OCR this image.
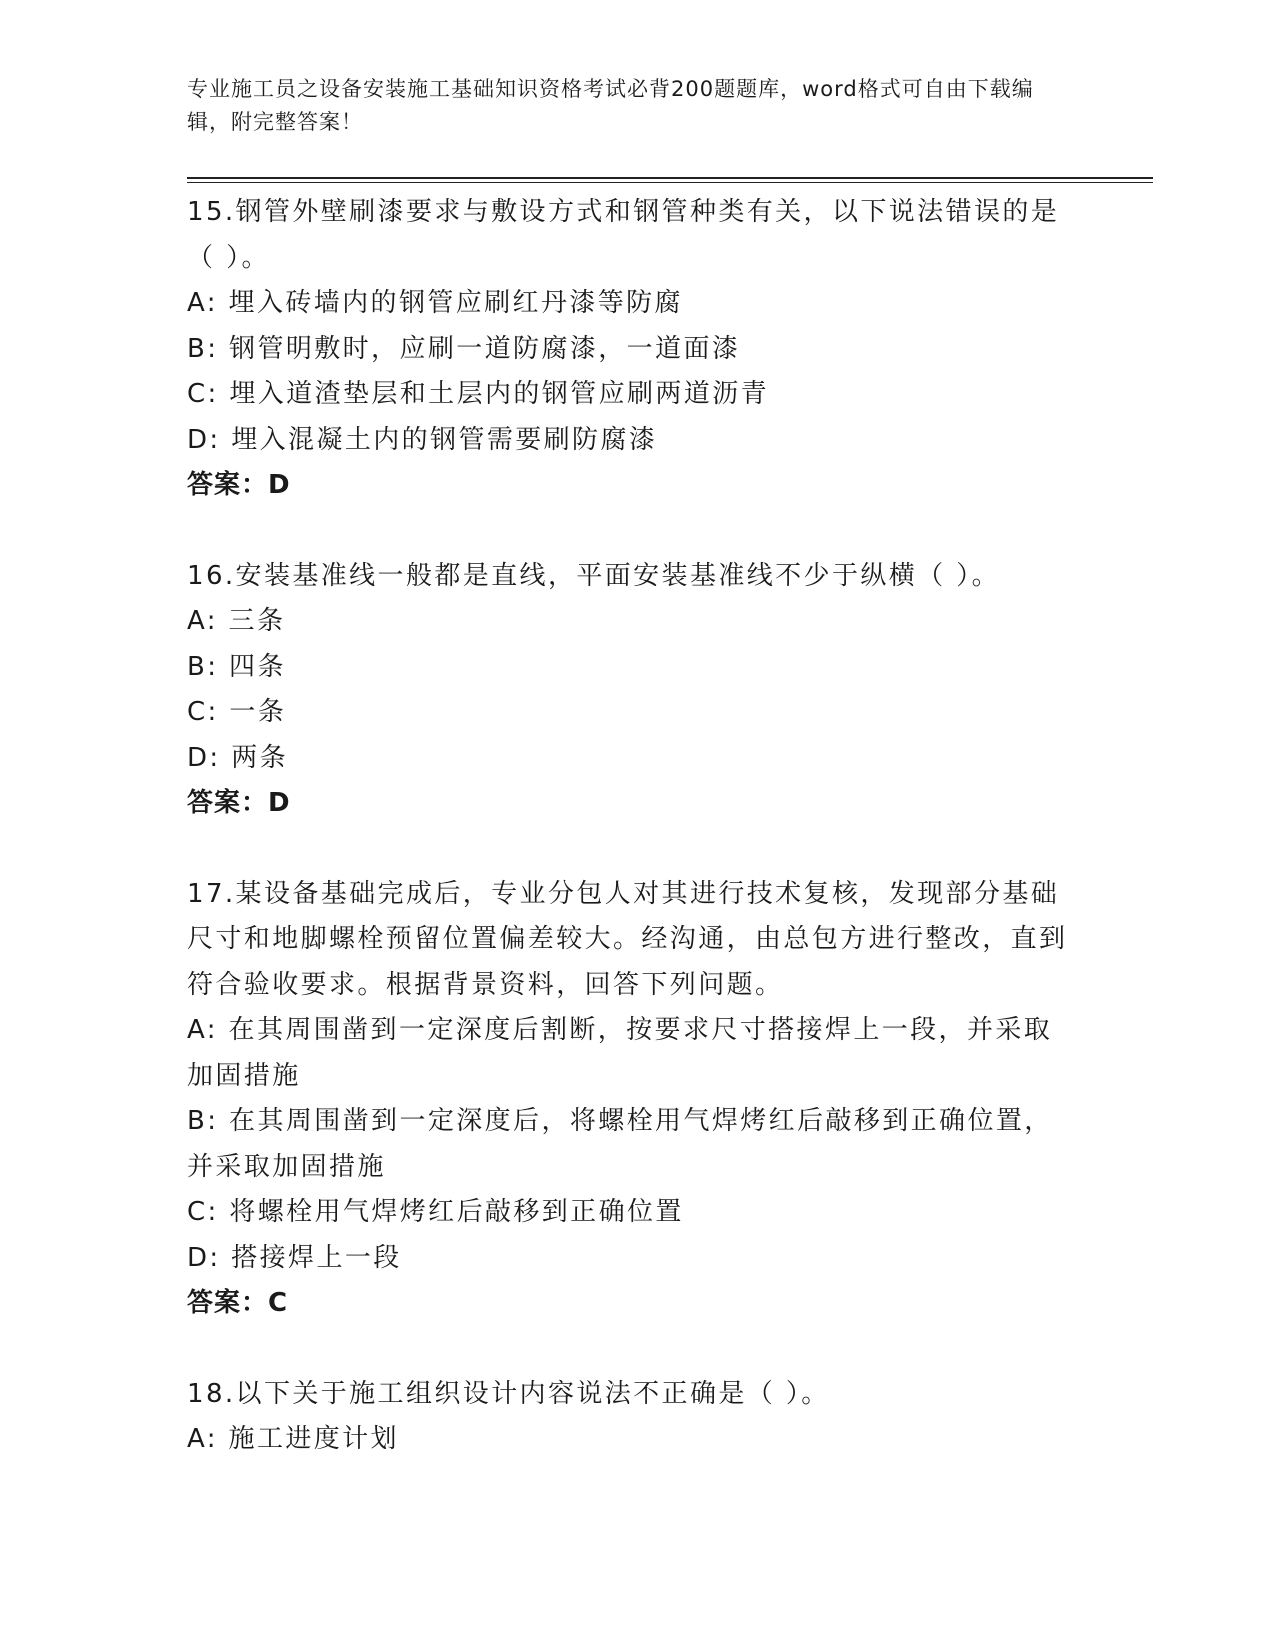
专业施工员之设备安装施工基础知识资格考试必背200题题库，word格式可自由下载编辑，附完整答案！
15.钢管外壁刷漆要求与敷设方式和钢管种类有关，以下说法错误的是（ ）。
A: 埋入砖墙内的钢管应刷红丹漆等防腐
B: 钢管明敷时，应刷一道防腐漆，一道面漆
C: 埋入道渣垫层和土层内的钢管应刷两道沥青
D: 埋入混凝土内的钢管需要刷防腐漆
答案：D
16.安装基准线一般都是直线，平面安装基准线不少于纵横（ ）。
A: 三条
B: 四条
C: 一条
D: 两条
答案：D
17.某设备基础完成后，专业分包人对其进行技术复核，发现部分基础尺寸和地脚螺栓预留位置偏差较大。经沟通，由总包方进行整改，直到符合验收要求。根据背景资料，回答下列问题。
A: 在其周围凿到一定深度后割断，按要求尺寸搭接焊上一段，并采取加固措施
B: 在其周围凿到一定深度后，将螺栓用气焊烤红后敲移到正确位置，并采取加固措施
C: 将螺栓用气焊烤红后敲移到正确位置
D: 搭接焊上一段
答案：C
18.以下关于施工组织设计内容说法不正确是（ ）。
A: 施工进度计划
